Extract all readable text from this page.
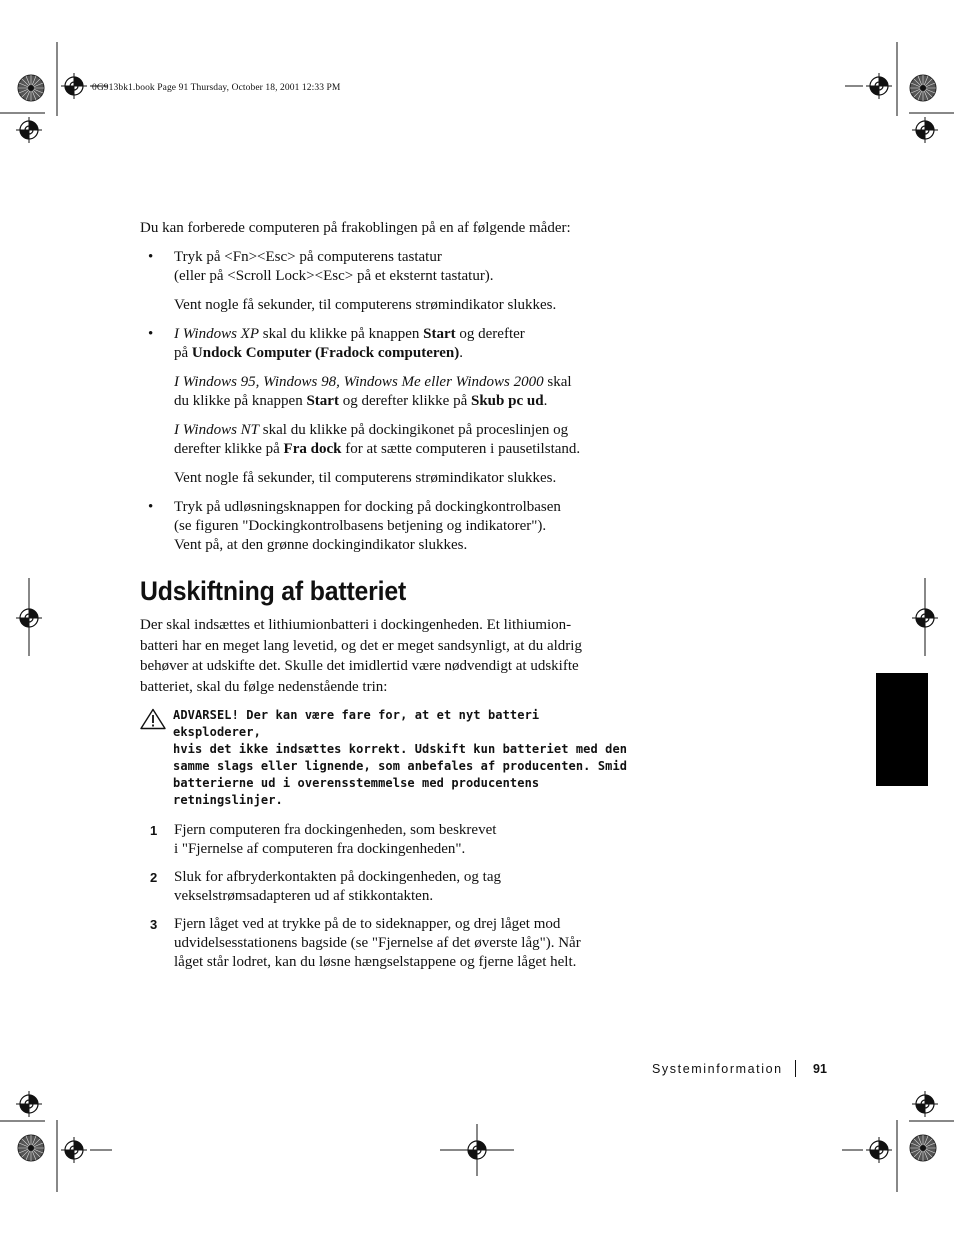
0G913bk1.book Page 91 Thursday, October 18, 2001 12:33 PM

Du kan forberede computeren på frakoblingen på en af følgende måder:

• Tryk på <Fn><Esc> på computerens tastatur
(eller på <Scroll Lock><Esc> på et eksternt tastatur).

Vent nogle få sekunder, til computerens strømindikator slukkes.

• I Windows XP skal du klikke på knappen Start og derefter
på Undock Computer (Fradock computeren).

I Windows 95, Windows 98, Windows Me eller Windows 2000 skal
du klikke på knappen Start og derefter klikke på Skub pc ud.

I Windows NT skal du klikke på dockingikonet på proceslinjen og
derefter klikke på Fra dock for at sætte computeren i pausetilstand.

Vent nogle få sekunder, til computerens strømindikator slukkes.

• Tryk på udløsningsknappen for docking på dockingkontrolbasen
(se figuren "Dockingkontrolbasens betjening og indikatorer").
Vent på, at den grønne dockingindikator slukkes.

Udskiftning af batteriet

Der skal indsættes et lithiumionbatteri i dockingenheden. Et lithiumion-
batteri har en meget lang levetid, og det er meget sandsynligt, at du aldrig
behøver at udskifte det. Skulle det imidlertid være nødvendigt at udskifte
batteriet, skal du følge nedenstående trin:

ADVARSEL! Der kan være fare for, at et nyt batteri eksploderer,
hvis det ikke indsættes korrekt. Udskift kun batteriet med den
samme slags eller lignende, som anbefales af producenten. Smid
batterierne ud i overensstemmelse med producentens
retningslinjer.
1 Fjern computeren fra dockingenheden, som beskrevet
i "Fjernelse af computeren fra dockingenheden".
2 Sluk for afbryderkontakten på dockingenheden, og tag
vekselstrømsadapteren ud af stikkontakten.
3 Fjern låget ved at trykke på de to sideknapper, og drej låget mod
udvidelsesstationens bagside (se "Fjernelse af det øverste låg"). Når
låget står lodret, kan du løsne hængselstappene og fjerne låget helt.
Systeminformation 91
